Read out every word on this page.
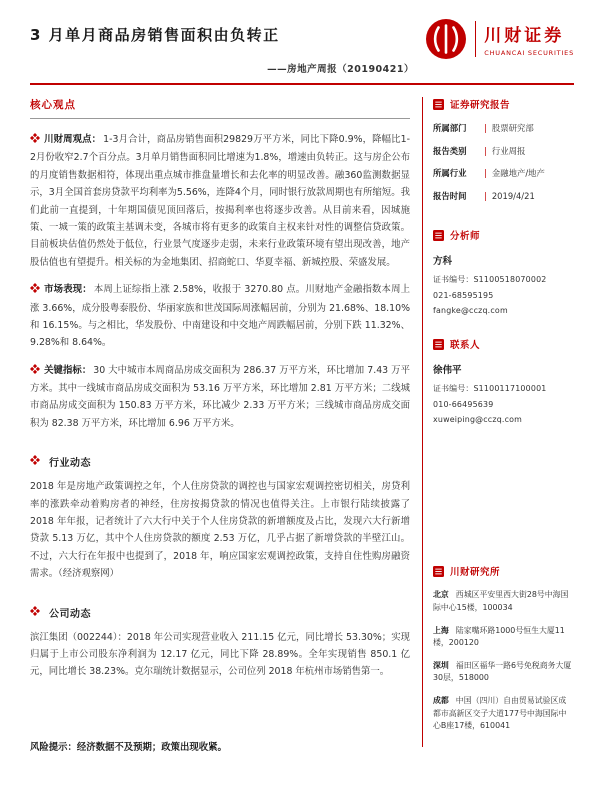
3 月单月商品房销售面积由负转正
——房地产周报（20190421）
川财证券
CHUANCAI SECURITIES
核心观点

川财周观点： 1-3月合计，商品房销售面积29829万平方米，同比下降0.9%，降幅比1-2月份收窄2.7个百分点。3月单月销售面积同比增速为1.8%，增速由负转正。这与房企公布的月度销售数据相符，体现出重点城市推盘量增长和去化率的明显改善。融360监测数据显示，3月全国首套房贷款平均利率为5.56%，连降4个月，同时银行放款周期也有所缩短。我们此前一直提到，十年期国债见顶回落后，按揭利率也将逐步改善。从目前来看，因城施策、一城一策的政策主基调未变，各城市将有更多的政策自主权来针对性的调整信贷政策。目前板块估值仍然处于低位，行业景气度逐步走弱，未来行业政策环境有望出现改善，地产股估值也有望提升。相关标的为金地集团、招商蛇口、华夏幸福、新城控股、荣盛发展。

市场表现： 本周上证综指上涨 2.58%，收报于 3270.80 点。川财地产金融指数本周上涨 3.66%，成分股粤泰股份、华丽家族和世茂国际周涨幅居前，分别为 21.68%、18.10%和 16.15%。与之相比，华发股份、中南建设和中交地产周跌幅居前，分别下跌 11.32%、9.28%和 8.64%。

关键指标： 30 大中城市本周商品房成交面积为 286.37 万平方米，环比增加 7.43 万平方米。其中一线城市商品房成交面积为 53.16 万平方米，环比增加 2.81 万平方米；二线城市商品房成交面积为 150.83 万平方米，环比减少 2.33 万平方米；三线城市商品房成交面积为 82.38 万平方米，环比增加 6.96 万平方米。

行业动态

2018 年是房地产政策调控之年，个人住房贷款的调控也与国家宏观调控密切相关，房贷利率的涨跌牵动着购房者的神经，住房按揭贷款的情况也值得关注。上市银行陆续披露了 2018 年年报，记者统计了六大行中关于个人住房贷款的新增额度及占比，发现六大行新增贷款 5.13 万亿，其中个人住房贷款的额度 2.53 万亿，几乎占据了新增贷款的半壁江山。不过，六大行在年报中也提到了，2018 年，响应国家宏观调控政策，支持自住性购房融资需求。（经济观察网）

公司动态

滨江集团（002244）：2018 年公司实现营业收入 211.15 亿元，同比增长 53.30%；实现归属于上市公司股东净利润为 12.17 亿元，同比下降 28.89%。全年实现销售 850.1 亿元，同比增长 38.23%。克尔瑞统计数据显示，公司位列 2018 年杭州市场销售第一。

风险提示：经济数据不及预期；政策出现收紧。
证券研究报告
所属部门	| 股票研究部
报告类别	| 行业周报
所属行业	| 金融地产/地产
报告时间	| 2019/4/21
分析师
方科
证书编号：S1100518070002
021-68595195
fangke@cczq.com
联系人
徐伟平
证书编号：S1100117100001
010-66495639
xuweiping@cczq.com
川财研究所
北京 西城区平安里西大街28号中海国际中心15楼，100034
上海 陆家嘴环路1000号恒生大厦11楼，200120
深圳 福田区福华一路6号免税商务大厦30层，518000
成都 中国（四川）自由贸易试验区成都市高新区交子大道177号中海国际中心B座17楼，610041
